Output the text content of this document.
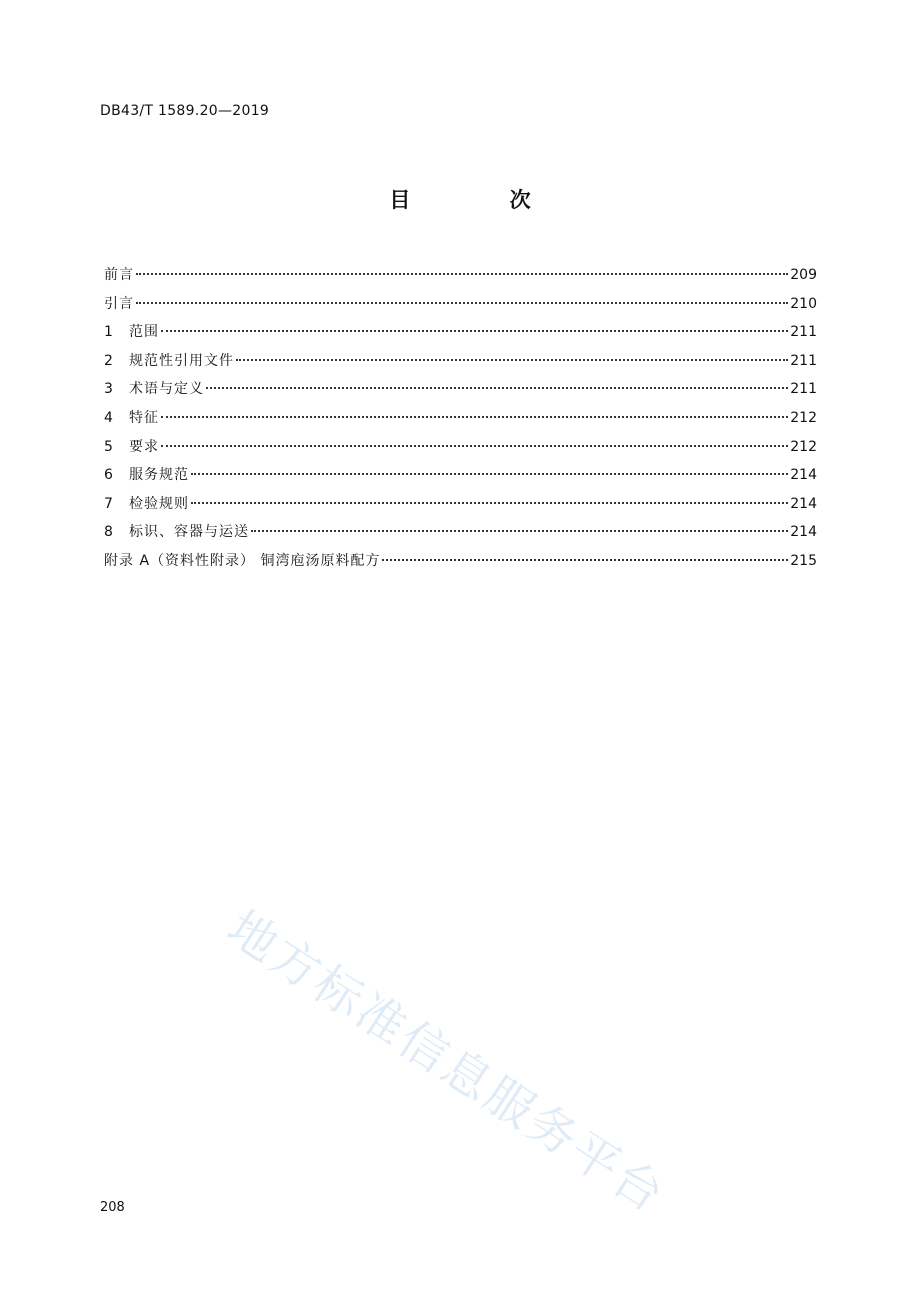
DB43/T 1589.20—2019
目 次
前言	209
引言	210
1	范围	211
2	规范性引用文件	211
3	术语与定义	211
4	特征	212
5	要求	212
6	服务规范	214
7	检验规则	214
8	标识、容器与运送	214
附录 A（资料性附录） 铜湾庖汤原料配方	215
地方标准信息服务平台
208
